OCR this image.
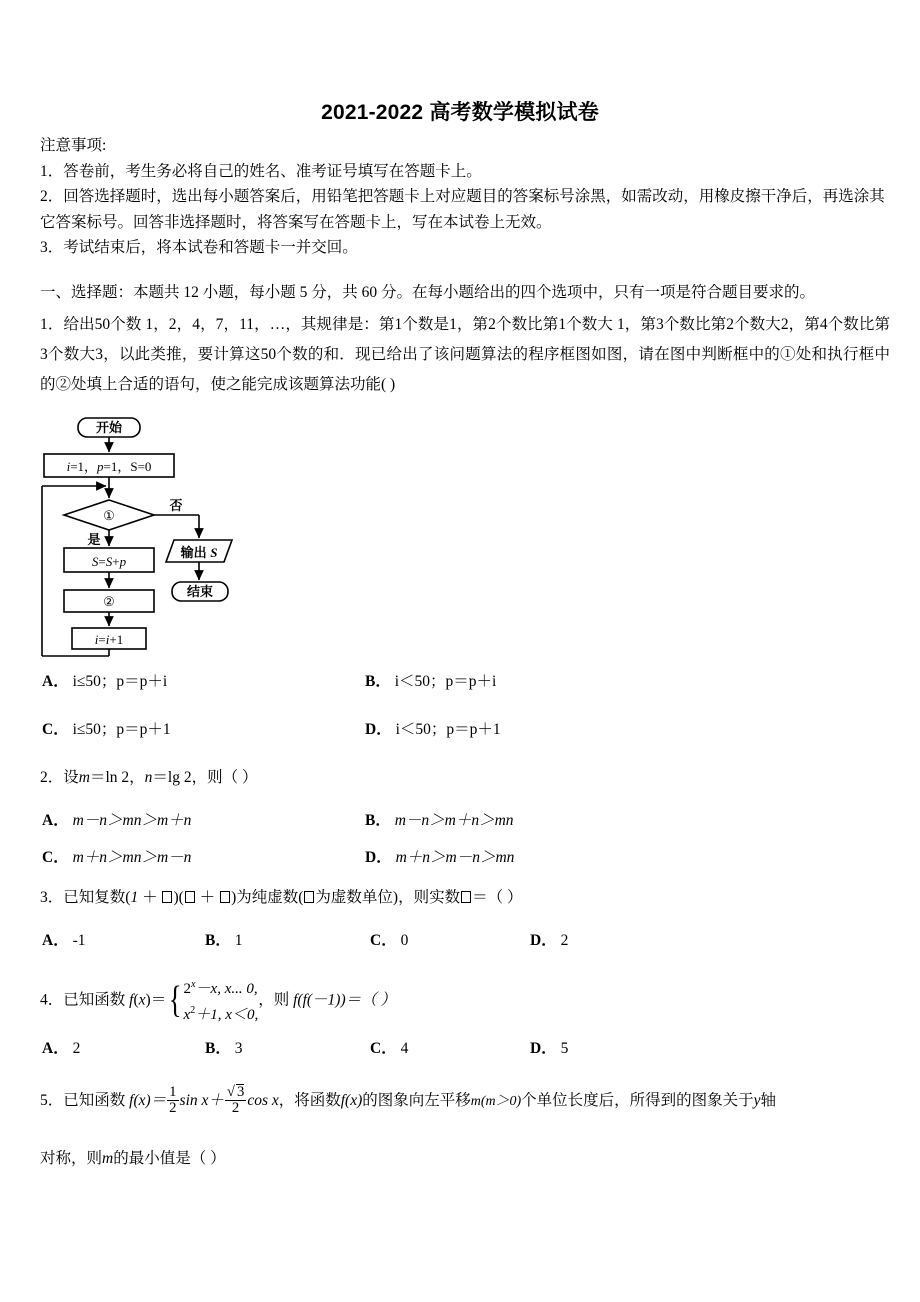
2021-2022 高考数学模拟试卷
注意事项:
1．答卷前，考生务必将自己的姓名、准考证号填写在答题卡上。
2．回答选择题时，选出每小题答案后，用铅笔把答题卡上对应题目的答案标号涂黑，如需改动，用橡皮擦干净后，再选涂其它答案标号。回答非选择题时，将答案写在答题卡上，写在本试卷上无效。
3．考试结束后，将本试卷和答题卡一并交回。
一、选择题：本题共 12 小题，每小题 5 分，共 60 分。在每小题给出的四个选项中，只有一项是符合题目要求的。
1．给出50个数 1，2，4，7，11，…，其规律是：第1个数是1，第2个数比第1个数大 1，第3个数比第2个数大2，第4个数比第3个数大3，以此类推，要计算这50个数的和．现已给出了该问题算法的程序框图如图，请在图中判断框中的①处和执行框中的②处填上合适的语句，使之能完成该题算法功能( )
开始
i=1，p=1，S=0
①
否
是
S=S+p
②
i=i+1
输出 S
结束
A． i≤50；p＝p＋i	B． i＜50；p＝p＋i
C． i≤50；p＝p＋1	D． i＜50；p＝p＋1
2．设m＝ln 2，n＝lg 2，则（ ）
A． m－n＞mn＞m＋n	B． m－n＞m＋n＞mn
C． m＋n＞mn＞m－n	D． m＋n＞m－n＞mn
3．已知复数(1 ＋ )( ＋ )为纯虚数( 为虚数单位)，则实数 ＝（ ）
A． -1	B． 1	C． 0	D． 2
4．已知函数 f(x)＝{ $2^x-x$, x... 0,
$x^2+1$, x＜0,
，则 f(f(－1))＝（ ）
A． 2	B． 3	C． 4	D． 5
5．已知函数 $f(x)= \frac{1}{2}$ $\sin x+ \frac{√ 3}{2}$ cos x，将函数f(x)的图象向左平移m(m＞0)个单位长度后，所得到的图象关于y轴
对称，则m的最小值是（ ）
